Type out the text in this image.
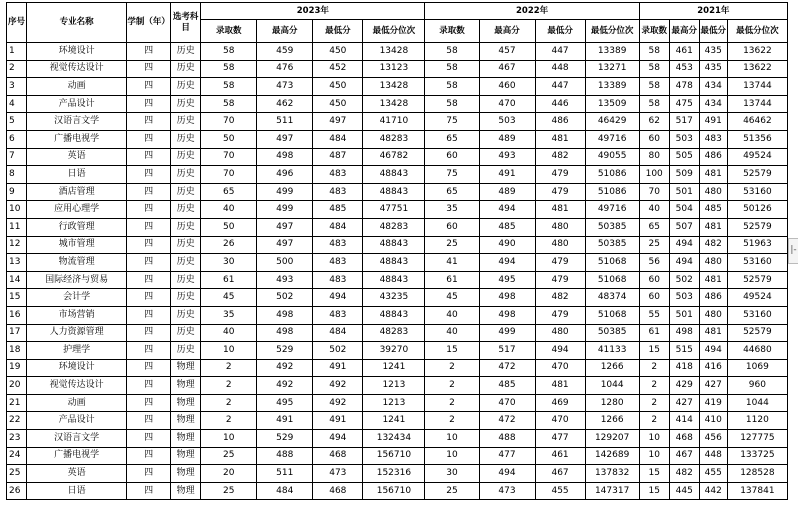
序号	专业名称	学制（年）	选考科目	2023年				2022年				2021年			
				录取数	最高分	最低分	最低分位次	录取数	最高分	最低分	最低分位次	录取数	最高分	最低分	最低分位次
1	环境设计	四	历史	58	459	450	13428	58	457	447	13389	58	461	435	13622
2	视觉传达设计	四	历史	58	476	452	13123	58	467	448	13271	58	453	435	13622
3	动画	四	历史	58	473	450	13428	58	460	447	13389	58	478	434	13744
4	产品设计	四	历史	58	462	450	13428	58	470	446	13509	58	475	434	13744
5	汉语言文学	四	历史	70	511	497	41710	75	503	486	46429	62	517	491	46462
6	广播电视学	四	历史	50	497	484	48283	65	489	481	49716	60	503	483	51356
7	英语	四	历史	70	498	487	46782	60	493	482	49055	80	505	486	49524
8	日语	四	历史	70	496	483	48843	75	491	479	51086	100	509	481	52579
9	酒店管理	四	历史	65	499	483	48843	65	489	479	51086	70	501	480	53160
10	应用心理学	四	历史	40	499	485	47751	35	494	481	49716	40	504	485	50126
11	行政管理	四	历史	50	497	484	48283	60	485	480	50385	65	507	481	52579
12	城市管理	四	历史	26	497	483	48843	25	490	480	50385	25	494	482	51963
13	物流管理	四	历史	30	500	483	48843	41	494	479	51068	56	494	480	53160
14	国际经济与贸易	四	历史	61	493	483	48843	61	495	479	51068	60	502	481	52579
15	会计学	四	历史	45	502	494	43235	45	498	482	48374	60	503	486	49524
16	市场营销	四	历史	35	498	483	48843	40	498	479	51068	55	501	480	53160
17	人力资源管理	四	历史	40	498	484	48283	40	499	480	50385	61	498	481	52579
18	护理学	四	历史	10	529	502	39270	15	517	494	41133	15	515	494	44680
19	环境设计	四	物理	2	492	491	1241	2	472	470	1266	2	418	416	1069
20	视觉传达设计	四	物理	2	492	492	1213	2	485	481	1044	2	429	427	960
21	动画	四	物理	2	495	492	1213	2	470	469	1280	2	427	419	1044
22	产品设计	四	物理	2	491	491	1241	2	472	470	1266	2	414	410	1120
23	汉语言文学	四	物理	10	529	494	132434	10	488	477	129207	10	468	456	127775
24	广播电视学	四	物理	25	488	468	156710	10	477	461	142689	10	467	448	133725
25	英语	四	物理	20	511	473	152316	30	494	467	137832	15	482	455	128528
26	日语	四	物理	25	484	468	156710	25	473	455	147317	15	445	442	137841
|-
